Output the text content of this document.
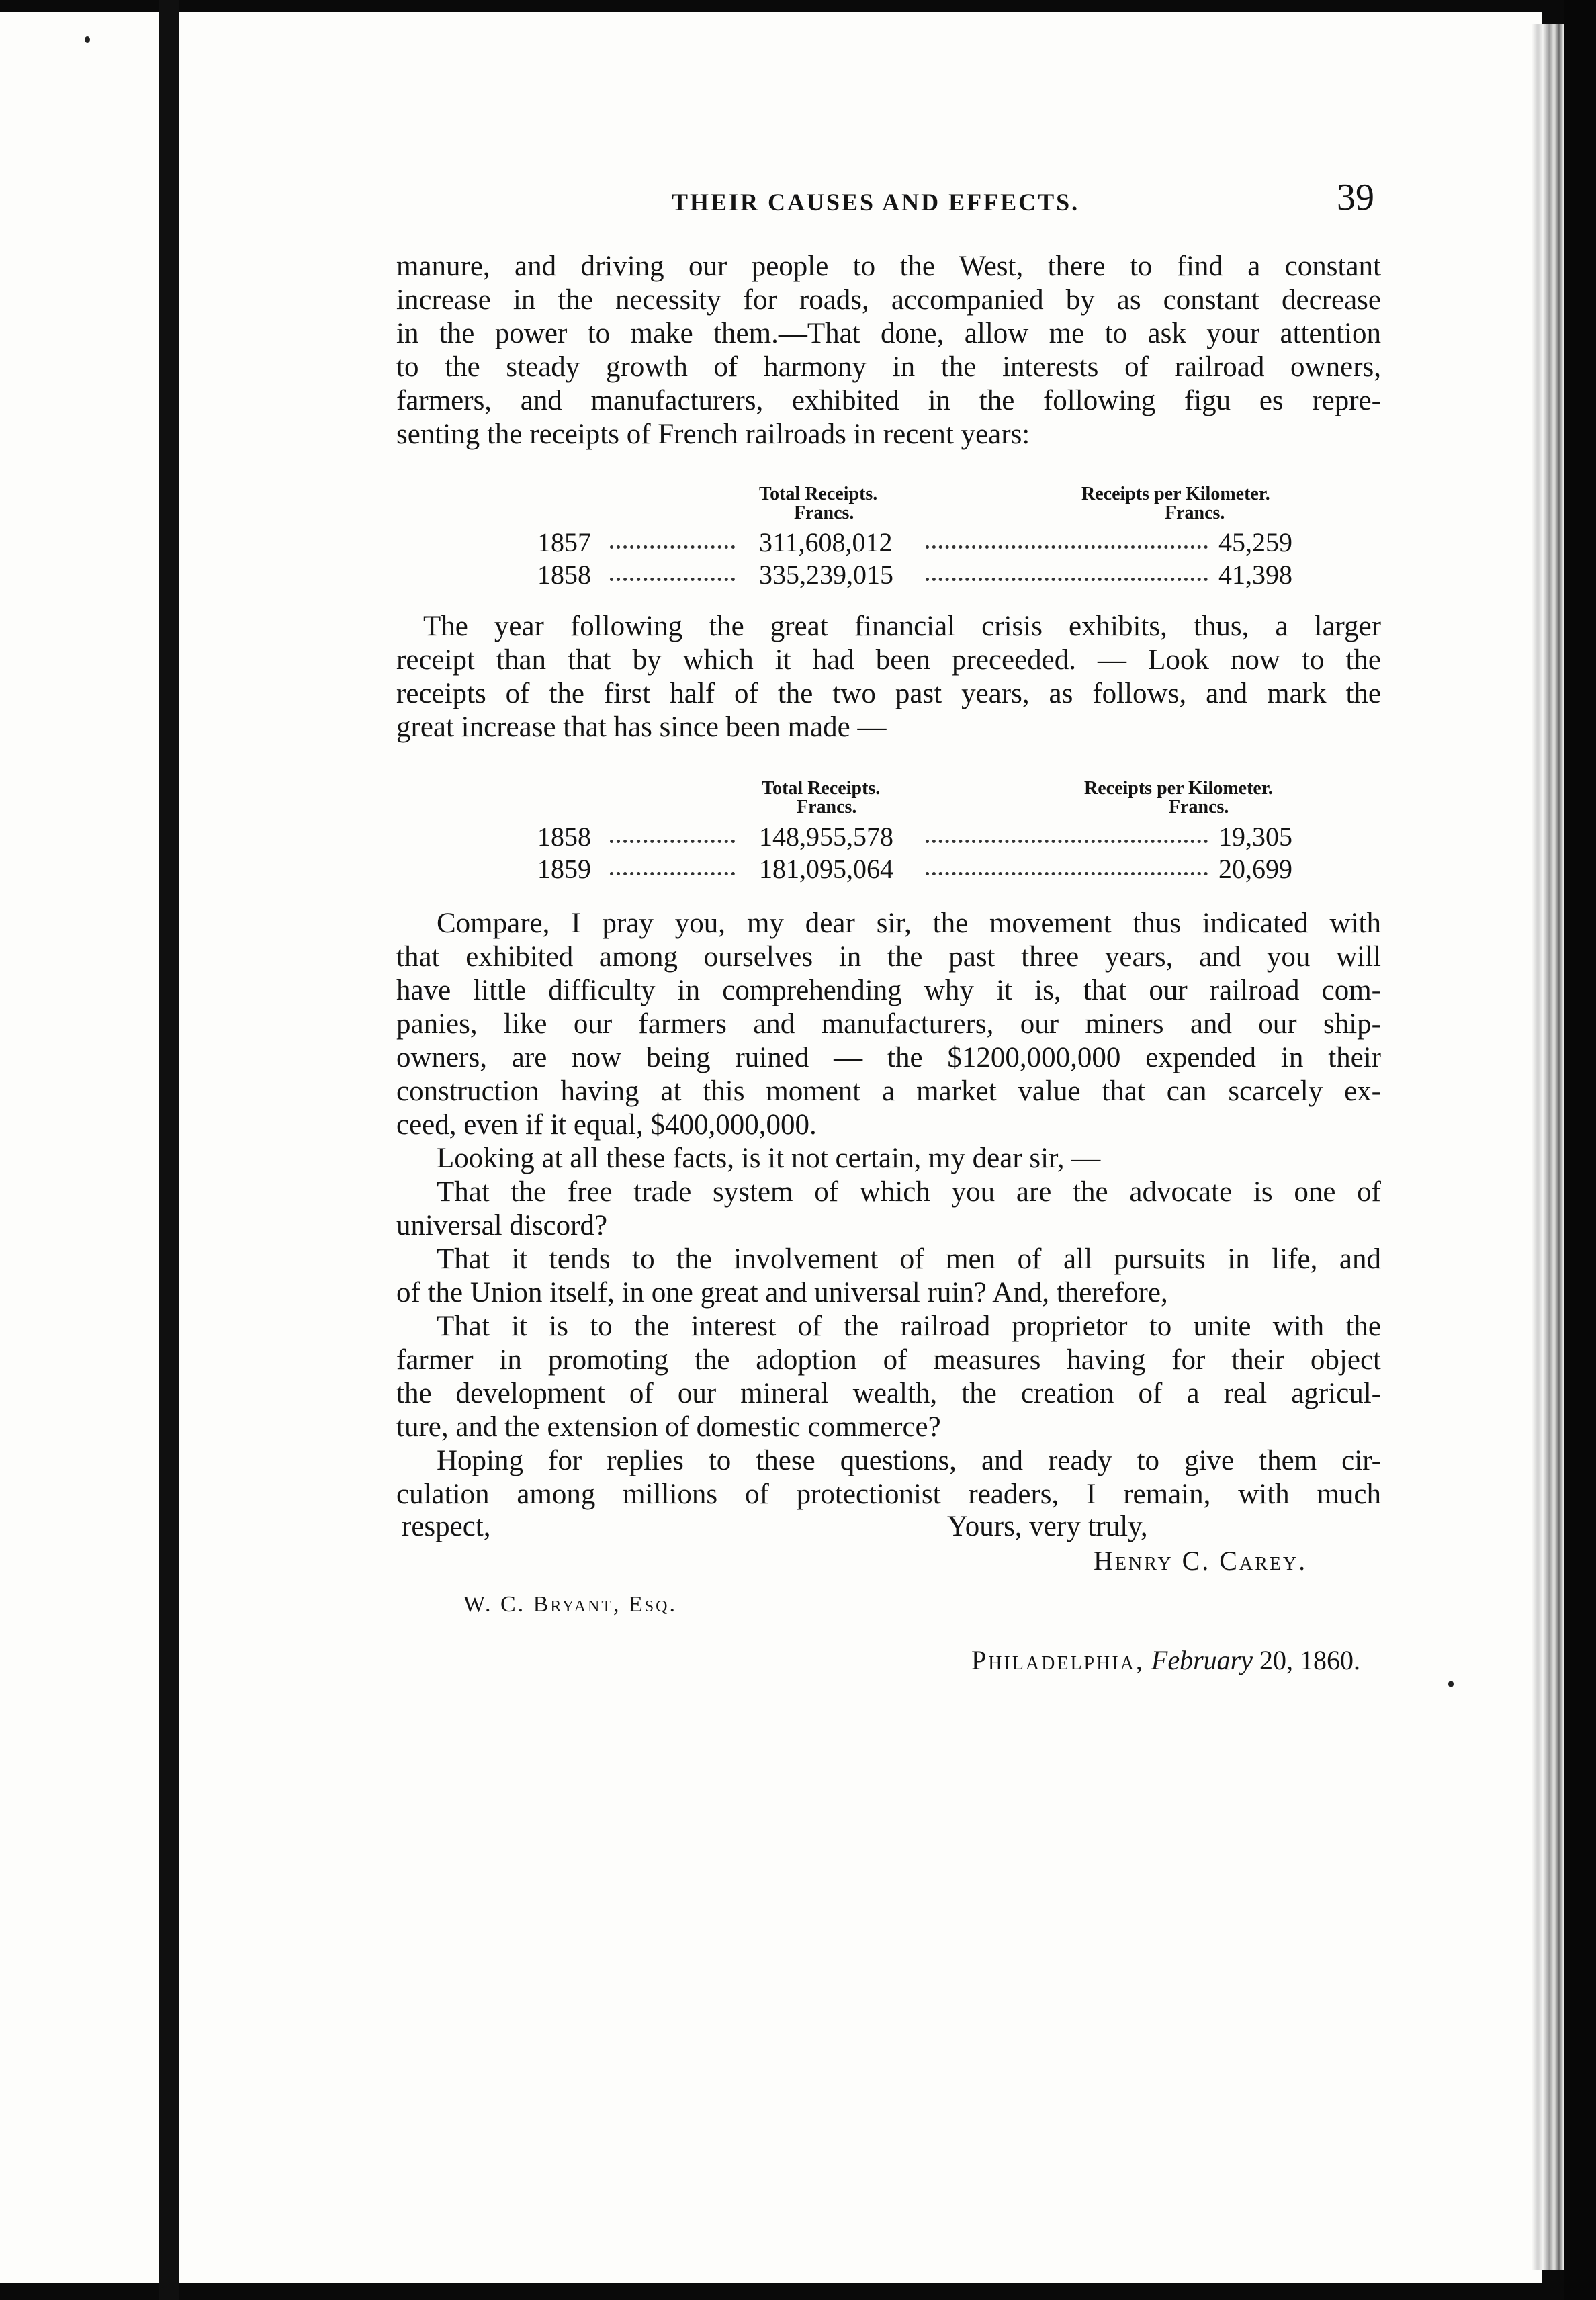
THEIR CAUSES AND EFFECTS.	39
manure, and driving our people to the West, there to find a constant
increase in the necessity for roads, accompanied by as constant decrease
in the power to make them.—That done, allow me to ask your attention
to the steady growth of harmony in the interests of railroad owners,
farmers, and manufacturers, exhibited in the following figu es repre-
senting the receipts of French railroads in recent years:
Total Receipts.
Francs.
Receipts per Kilometer.
Francs.
1857	311,608,012	45,259
1858	335,239,015	41,398
The year following the great financial crisis exhibits, thus, a larger
receipt than that by which it had been preceeded. — Look now to the
receipts of the first half of the two past years, as follows, and mark the
great increase that has since been made —
Total Receipts.
Francs.
Receipts per Kilometer.
Francs.
1858	148,955,578	19,305
1859	181,095,064	20,699
Compare, I pray you, my dear sir, the movement thus indicated with
that exhibited among ourselves in the past three years, and you will
have little difficulty in comprehending why it is, that our railroad com-
panies, like our farmers and manufacturers, our miners and our ship-
owners, are now being ruined — the $1200,000,000 expended in their
construction having at this moment a market value that can scarcely ex-
ceed, even if it equal, $400,000,000.
Looking at all these facts, is it not certain, my dear sir, —
That the free trade system of which you are the advocate is one of
universal discord?
That it tends to the involvement of men of all pursuits in life, and
of the Union itself, in one great and universal ruin? And, therefore,
That it is to the interest of the railroad proprietor to unite with the
farmer in promoting the adoption of measures having for their object
the development of our mineral wealth, the creation of a real agricul-
ture, and the extension of domestic commerce?
Hoping for replies to these questions, and ready to give them cir-
culation among millions of protectionist readers, I remain, with much
respect,	Yours, very truly,
Henry C. Carey.
W. C. Bryant, Esq.
Philadelphia, February 20, 1860.
